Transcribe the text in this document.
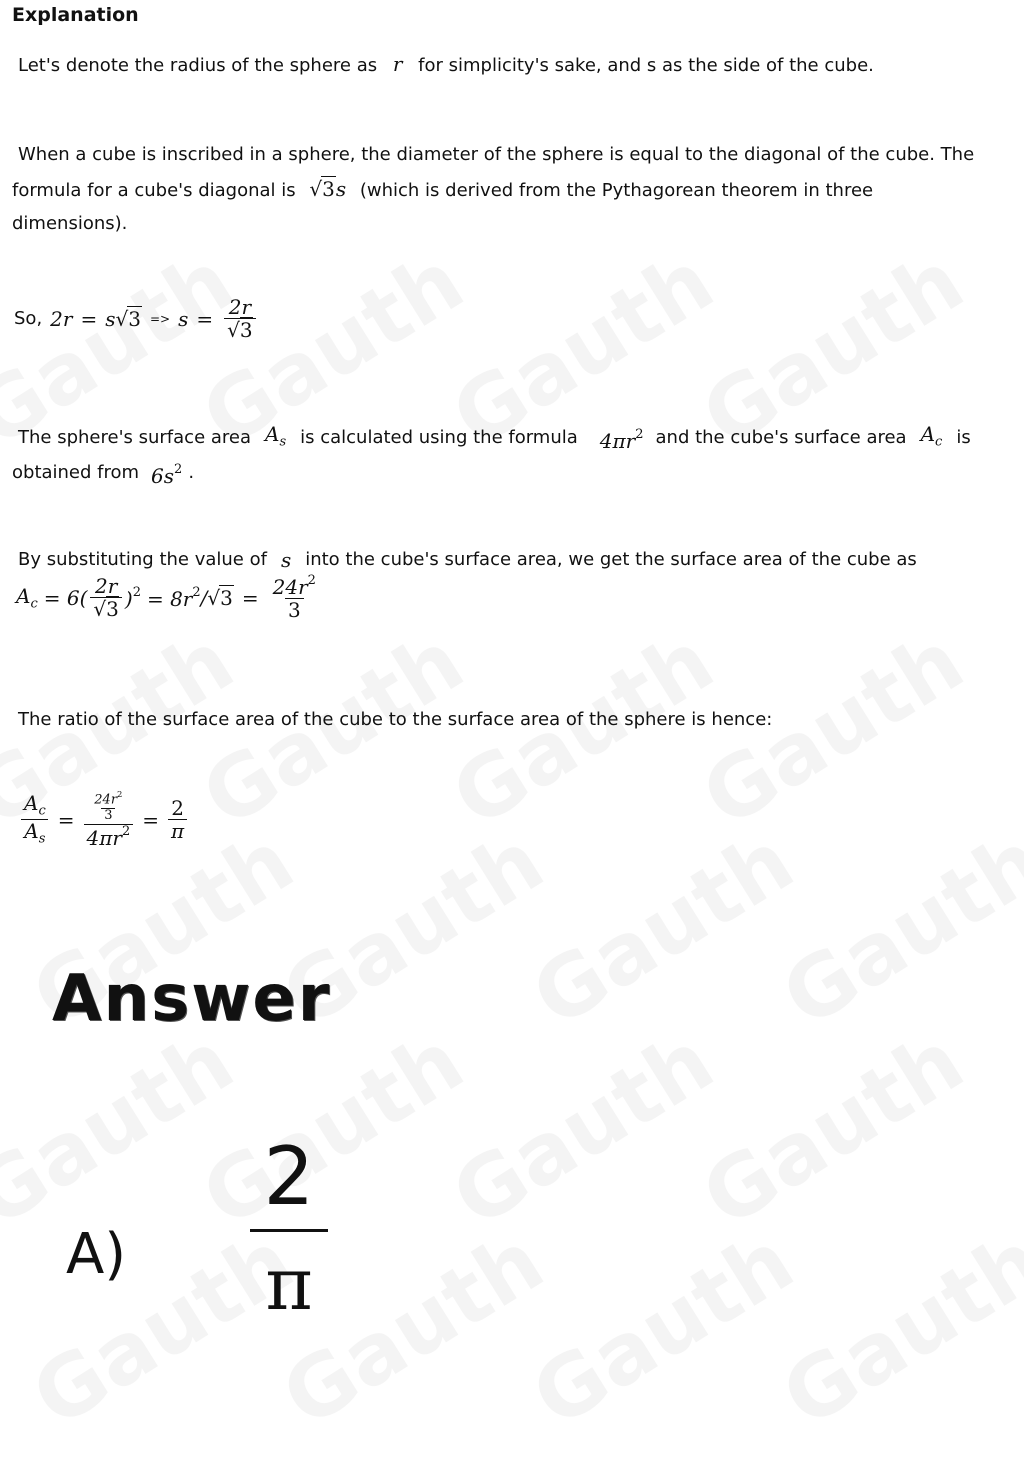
Explanation
Let's denote the radius of the sphere as r for simplicity's sake, and s as the side of the cube.
When a cube is inscribed in a sphere, the diameter of the sphere is equal to the diagonal of the cube. The
formula for a cube's diagonal is √3s (which is derived from the Pythagorean theorem in three
dimensions).
So, 2r = s $√3 => s = \frac{2r}{√3}$
The sphere's surface area $A_s$ is calculated using the formula $4\pi r^2$ and the cube's surface area $A_c$ is
obtained from $6s^2$ .
By substituting the value of s into the cube's surface area, we get the surface area of the cube as
$A_c = 6( \frac{2r}{√3} )^2 = 8r^2$ $/√3 = \frac{24r^2}{3}$
The ratio of the surface area of the cube to the surface area of the sphere is hence:
$\frac{A_c}{A_s} = \frac{\frac{24r^2}{3}}{4\pi r^2} = \frac{2}{\pi}$
Answer
A)
2
π
